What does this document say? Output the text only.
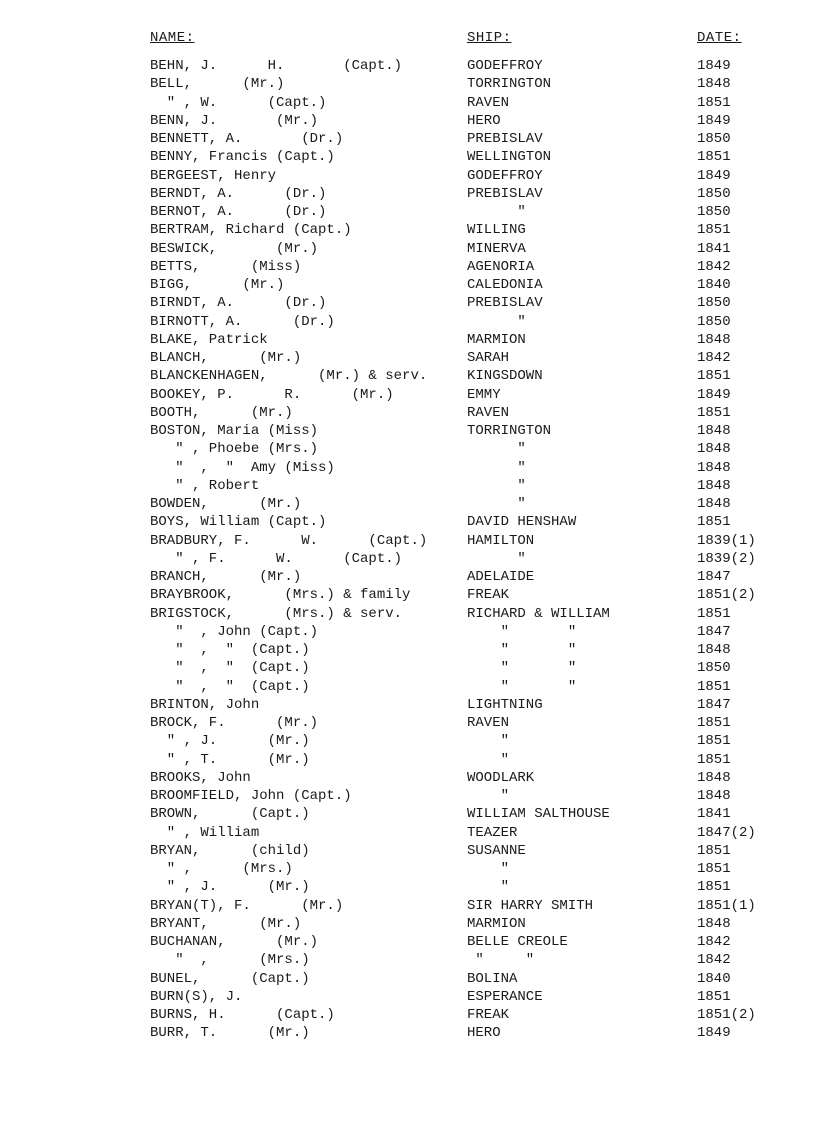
NAME:	SHIP:	DATE:
BEHN, J.      H.       (Capt.)	GODEFFROY	1849
BELL,      (Mr.)	TORRINGTON	1848
" , W.      (Capt.)	RAVEN	1851
BENN, J.       (Mr.)	HERO	1849
BENNETT, A.       (Dr.)	PREBISLAV	1850
BENNY, Francis (Capt.)	WELLINGTON	1851
BERGEEST, Henry	GODEFFROY	1849
BERNDT, A.      (Dr.)	PREBISLAV	1850
BERNOT, A.      (Dr.)	"	1850
BERTRAM, Richard (Capt.)	WILLING	1851
BESWICK,       (Mr.)	MINERVA	1841
BETTS,      (Miss)	AGENORIA	1842
BIGG,      (Mr.)	CALEDONIA	1840
BIRNDT, A.      (Dr.)	PREBISLAV	1850
BIRNOTT, A.      (Dr.)	"	1850
BLAKE, Patrick	MARMION	1848
BLANCH,      (Mr.)	SARAH	1842
BLANCKENHAGEN,      (Mr.) & serv.	KINGSDOWN	1851
BOOKEY, P.      R.      (Mr.)	EMMY	1849
BOOTH,      (Mr.)	RAVEN	1851
BOSTON, Maria (Miss)	TORRINGTON	1848
" , Phoebe (Mrs.)	"	1848
"  ,  "  Amy (Miss)	"	1848
" , Robert	"	1848
BOWDEN,      (Mr.)	"	1848
BOYS, William (Capt.)	DAVID HENSHAW	1851
BRADBURY, F.      W.      (Capt.)	HAMILTON	1839(1)
" , F.      W.      (Capt.)	"	1839(2)
BRANCH,      (Mr.)	ADELAIDE	1847
BRAYBROOK,      (Mrs.) & family	FREAK	1851(2)
BRIGSTOCK,      (Mrs.) & serv.	RICHARD & WILLIAM	1851
"  , John (Capt.)	"       "	1847
"  ,  "  (Capt.)	"       "	1848
"  ,  "  (Capt.)	"       "	1850
"  ,  "  (Capt.)	"       "	1851
BRINTON, John	LIGHTNING	1847
BROCK, F.      (Mr.)	RAVEN	1851
" , J.      (Mr.)	"	1851
" , T.      (Mr.)	"	1851
BROOKS, John	WOODLARK	1848
BROOMFIELD, John (Capt.)	"	1848
BROWN,      (Capt.)	WILLIAM SALTHOUSE	1841
" , William	TEAZER	1847(2)
BRYAN,      (child)	SUSANNE	1851
" ,      (Mrs.)	"	1851
" , J.      (Mr.)	"	1851
BRYAN(T), F.      (Mr.)	SIR HARRY SMITH	1851(1)
BRYANT,      (Mr.)	MARMION	1848
BUCHANAN,      (Mr.)	BELLE CREOLE	1842
"  ,      (Mrs.)	"     "	1842
BUNEL,      (Capt.)	BOLINA	1840
BURN(S), J.	ESPERANCE	1851
BURNS, H.      (Capt.)	FREAK	1851(2)
BURR, T.      (Mr.)	HERO	1849
